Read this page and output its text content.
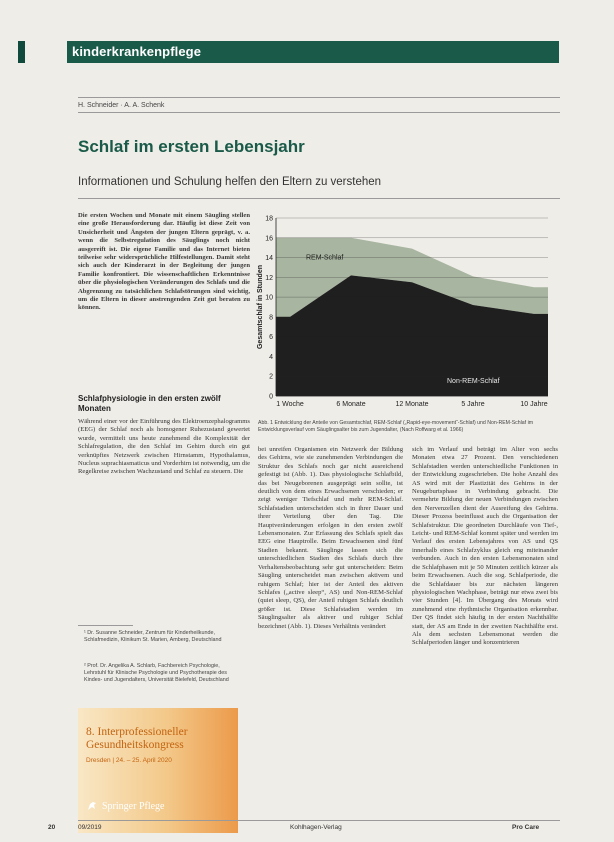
kinderkrankenpflege
H. Schneider · A. A. Schenk
Schlaf im ersten Lebensjahr
Informationen und Schulung helfen den Eltern zu verstehen

Die ersten Wochen und Monate mit einem Säugling stellen eine große Herausforderung dar. Häufig ist diese Zeit von Unsicherheit und Ängsten der jungen Eltern geprägt, v. a. wenn die Selbstregulation des Säuglings noch nicht ausgereift ist. Die eigene Familie und das Internet bieten teilweise sehr widersprüchliche Hilfestellungen. Damit steht sich auch der Kinderarzt in der Begleitung der jungen Familie konfrontiert. Die wissenschaftlichen Erkenntnisse über die physiologischen Veränderungen des Schlafs und die Abgrenzung zu tatsächlichen Schlafstörungen sind wichtig, um die Eltern in dieser anstrengenden Zeit gut beraten zu können.

Schlafphysiologie in den ersten zwölf Monaten

Während einer vor der Einführung des Elektroenzephalogramms (EEG) der Schlaf noch als homogener Ruhezustand gewertet wurde, vermittelt uns heute zunehmend die Komplexität der Schlafregulation, die den Schlaf im Gehirn durch ein gut verknüpftes Netzwerk zwischen Hirnstamm, Hypothalamus, Nucleus suprachiasmaticus und Vorderhirn ist notwendig, um die Regelkreise zwischen Wachzustand und Schlaf zu steuern. Die

¹ Dr. Susanne Schneider, Zentrum für Kinderheilkunde, Schlafmedizin, Klinikum St. Marien, Amberg, Deutschland
² Prof. Dr. Angelika A. Schlarb, Fachbereich Psychologie, Lehrstuhl für Klinische Psychologie und Psychotherapie des Kindes- und Jugendalters, Universität Bielefeld, Deutschland
0
2
4
6
8
10
12
14
16
18
1 Woche	6 Monate	12 Monate	5 Jahre	10 Jahre
Gesamtschlaf in Stunden
REM-Schlaf
Non-REM-Schlaf
Abb. 1 Entwicklung der Anteile von Gesamtschlaf, REM-Schlaf („Rapid-eye-movement“-Schlaf) und Non-REM-Schlaf im Entwicklungsverlauf vom Säuglingsalter bis zum Jugendalter, (Nach Roffwarg et al. 1966)

bei unreifen Organismen ein Netzwerk der Bildung des Gehirns, wie sie zunehmenden Verbindungen die Struktur des Schlafs noch gar nicht ausreichend gefestigt ist (Abb. 1). Das physiologische Schlafbild, das bei Neugeborenen ausgeprägt sein sollte, ist deutlich von dem eines Erwachsenen verschieden; er zeigt weniger Tiefschlaf und mehr REM-Schlaf. Schlafstadien unterscheiden sich in ihrer Dauer und ihrer Verteilung über den Tag. Die Hauptveränderungen erfolgen in den ersten zwölf Lebensmonaten. Zur Erfassung des Schlafs spielt das EEG eine Hauptrolle. Beim Erwachsenen sind fünf Stadien bekannt. Säuglinge lassen sich die unterschiedlichen Stadien des Schlafs durch ihre Verhaltensbeobachtung sehr gut unterscheiden: Beim Säugling unterscheidet man zwischen aktivem und ruhigem Schlaf; hier ist der Anteil des aktiven Schlafes („active sleep“, AS) und Non-REM-Schlaf (quiet sleep, QS), der Anteil ruhigen Schlafs deutlich größer ist. Diese Schlafstadien werden im Säuglingsalter als aktiver und ruhiger Schlaf bezeichnet (Abb. 1). Dieses Verhältnis verändert

sich im Verlauf und beträgt im Alter von sechs Monaten etwa 27 Prozent. Den verschiedenen Schlafstadien werden unterschiedliche Funktionen in der Entwicklung zugeschrieben. Die hohe Anzahl des AS wird mit der Plastizität des Gehirns in der Neugeburtsphase in Verbindung gebracht. Die vermehrte Bildung der neuen Verbindungen zwischen den Nervenzellen dient der Ausreifung des Gehirns. Dieser Prozess beeinflusst auch die Organisation der Schlafstruktur. Die geordneten Durchläufe von Tief-, Leicht- und REM-Schlaf kommt später und werden im Verlauf des ersten Lebensjahres von AS und QS innerhalb eines Schlafzyklus gleich eng miteinander verbunden. Auch in den ersten Lebensmonaten sind die Schlafphasen mit je 50 Minuten zeitlich kürzer als beim Erwachsenen. Auch die sog. Schlafperiode, die die Schlafdauer bis zur nächsten längeren physiologischen Wachphase, beträgt nur etwa zwei bis vier Stunden [4]. Im Übergang des Monats wird zunehmend eine rhythmische Organisation erkennbar. Der QS findet sich häufig in der ersten Nachthälfte statt, der AS am Ende in der zweiten Nachthälfte erst. Als dem sechsten Lebensmonat werden die Schlafperioden länger und konzentrieren

8. Interprofessioneller
Gesundheitskongress
Dresden | 24. – 25. April 2020
Springer Pflege
20	09/2019	Kohlhagen-Verlag	Pro Care
